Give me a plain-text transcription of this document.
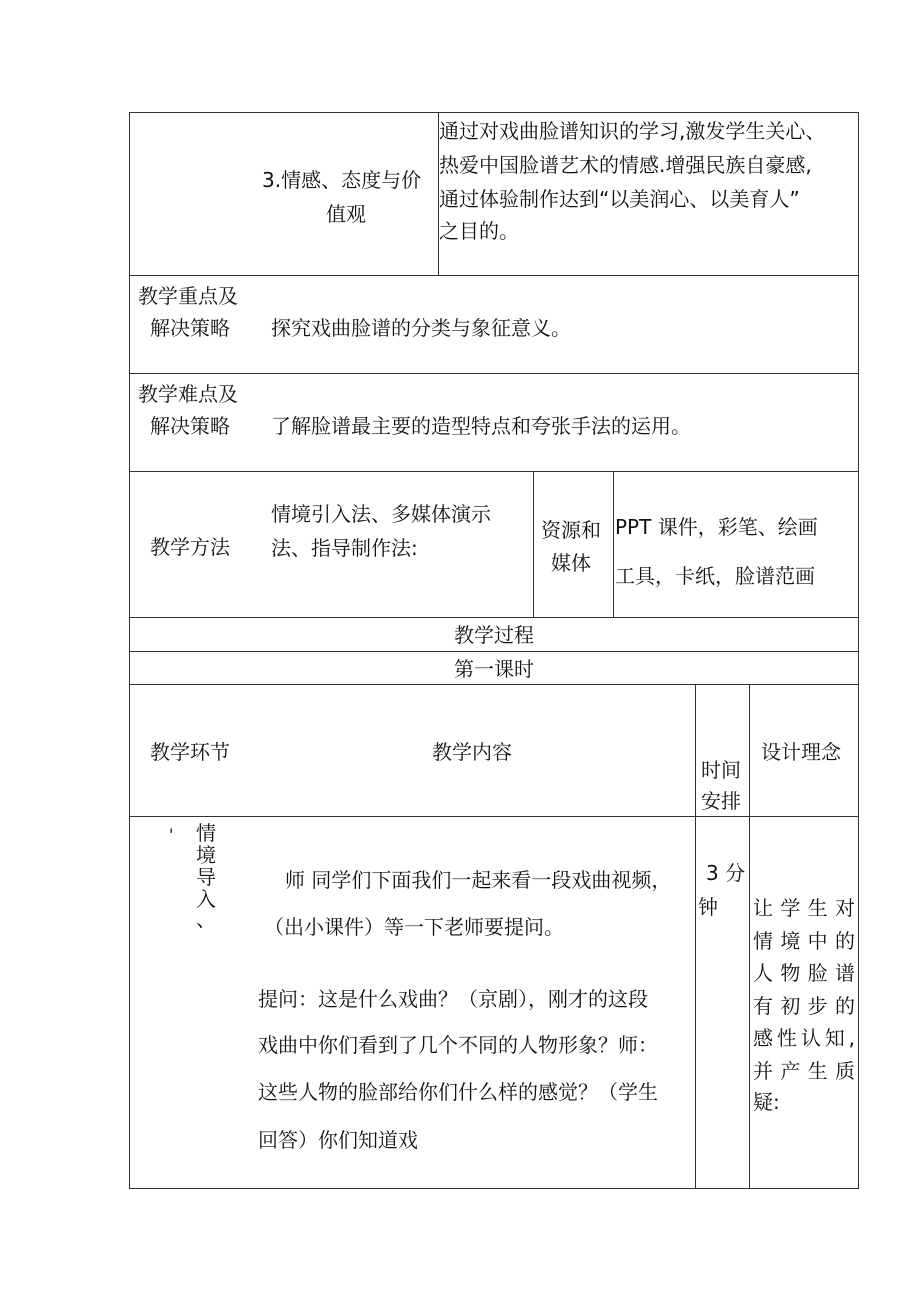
3.情感、态度与价
值观
通过对戏曲脸谱知识的学习,激发学生关心、
热爱中国脸谱艺术的情感.增强民族自豪感,
通过体验制作达到“以美润心、以美育人”
之目的。
教学重点及
解决策略 探究戏曲脸谱的分类与象征意义。
教学难点及
解决策略 了解脸谱最主要的造型特点和夸张手法的运用。
教学方法
情境引入法、多媒体演示
法、指导制作法:
资源和
媒体
PPT 课件，彩笔、绘画
工具，卡纸，脸谱范画
教学过程
第一课时
教学环节	教学内容
时间
安排
设计理念
' 情
境
导
入
、
师 同学们下面我们一起来看一段戏曲视频，
（出小课件）等一下老师要提问。
提问：这是什么戏曲？（京剧），刚才的这段
戏曲中你们看到了几个不同的人物形象？师：
这些人物的脸部给你们什么样的感觉？（学生
回答）你们知道戏
3 分
钟 让学生对
情境中的
人物脸谱
有初步的
感性认知,
并产生质
疑:
